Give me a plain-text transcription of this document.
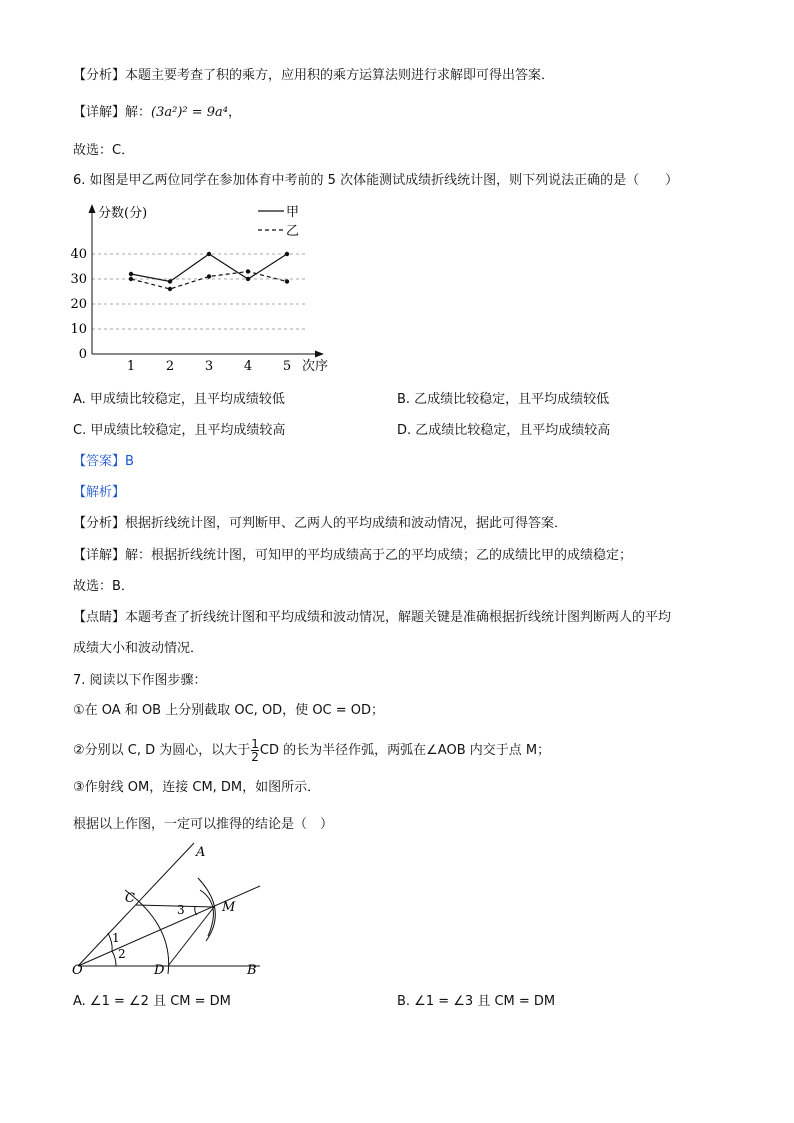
【分析】本题主要考查了积的乘方，应用积的乘方运算法则进行求解即可得出答案．
【详解】解：(3a²)² = 9a⁴，
故选：C．
6. 如图是甲乙两位同学在参加体育中考前的 5 次体能测试成绩折线统计图，则下列说法正确的是（　　）
分数(分)
次序
0
10
20
30
40
1 2 3 4 5
甲
乙
A. 甲成绩比较稳定，且平均成绩较低	B. 乙成绩比较稳定，且平均成绩较低
C. 甲成绩比较稳定，且平均成绩较高	D. 乙成绩比较稳定，且平均成绩较高
【答案】B
【解析】
【分析】根据折线统计图，可判断甲、乙两人的平均成绩和波动情况，据此可得答案．
【详解】解：根据折线统计图，可知甲的平均成绩高于乙的平均成绩；乙的成绩比甲的成绩稳定；
故选：B．
【点睛】本题考查了折线统计图和平均成绩和波动情况，解题关键是准确根据折线统计图判断两人的平均
成绩大小和波动情况．
7. 阅读以下作图步骤：
①在 OA 和 OB 上分别截取 OC, OD，使 OC = OD；
②分别以 C, D 为圆心，以大于 $\frac{1}{2}$ CD 的长为半径作弧，两弧在∠AOB 内交于点 M；
③作射线 OM，连接 CM, DM，如图所示．
根据以上作图，一定可以推得的结论是（　）
A
C
M
3
1
2
O	D	B
A. ∠1 = ∠2 且 CM = DM	B. ∠1 = ∠3 且 CM = DM
